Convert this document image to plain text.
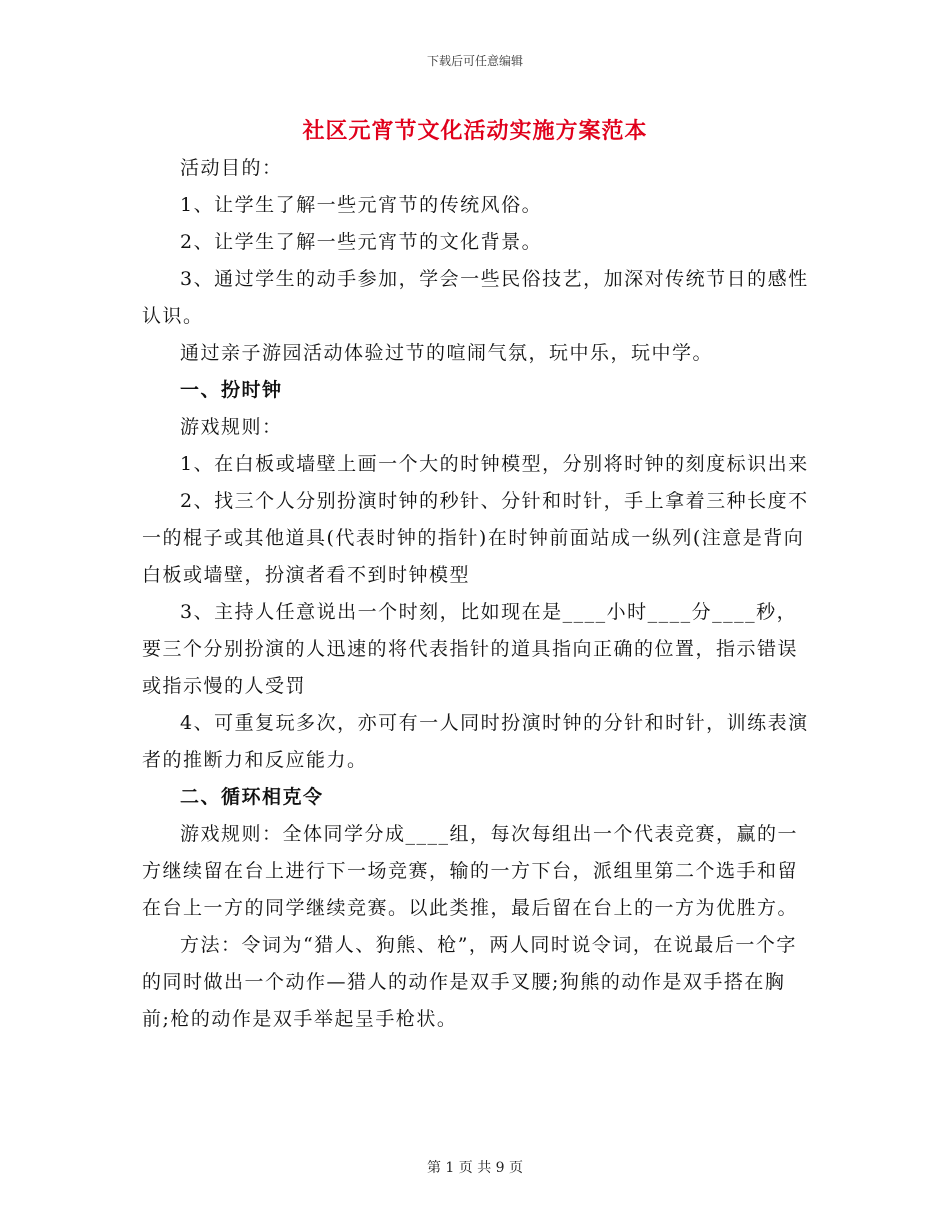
下载后可任意编辑
社区元宵节文化活动实施方案范本

活动目的：

1、让学生了解一些元宵节的传统风俗。

2、让学生了解一些元宵节的文化背景。

3、通过学生的动手参加，学会一些民俗技艺，加深对传统节日的感性认识。

通过亲子游园活动体验过节的喧闹气氛，玩中乐，玩中学。

一、扮时钟

游戏规则：

1、在白板或墙壁上画一个大的时钟模型，分别将时钟的刻度标识出来

2、找三个人分别扮演时钟的秒针、分针和时针，手上拿着三种长度不一的棍子或其他道具(代表时钟的指针)在时钟前面站成一纵列(注意是背向白板或墙壁，扮演者看不到时钟模型

3、主持人任意说出一个时刻，比如现在是____小时____分____秒，要三个分别扮演的人迅速的将代表指针的道具指向正确的位置，指示错误或指示慢的人受罚

4、可重复玩多次，亦可有一人同时扮演时钟的分针和时针，训练表演者的推断力和反应能力。

二、循环相克令

游戏规则：全体同学分成____组，每次每组出一个代表竞赛，赢的一方继续留在台上进行下一场竞赛，输的一方下台，派组里第二个选手和留在台上一方的同学继续竞赛。以此类推，最后留在台上的一方为优胜方。

方法：令词为“猎人、狗熊、枪”，两人同时说令词，在说最后一个字的同时做出一个动作—猎人的动作是双手叉腰;狗熊的动作是双手搭在胸前;枪的动作是双手举起呈手枪状。

第 1 页 共 9 页
